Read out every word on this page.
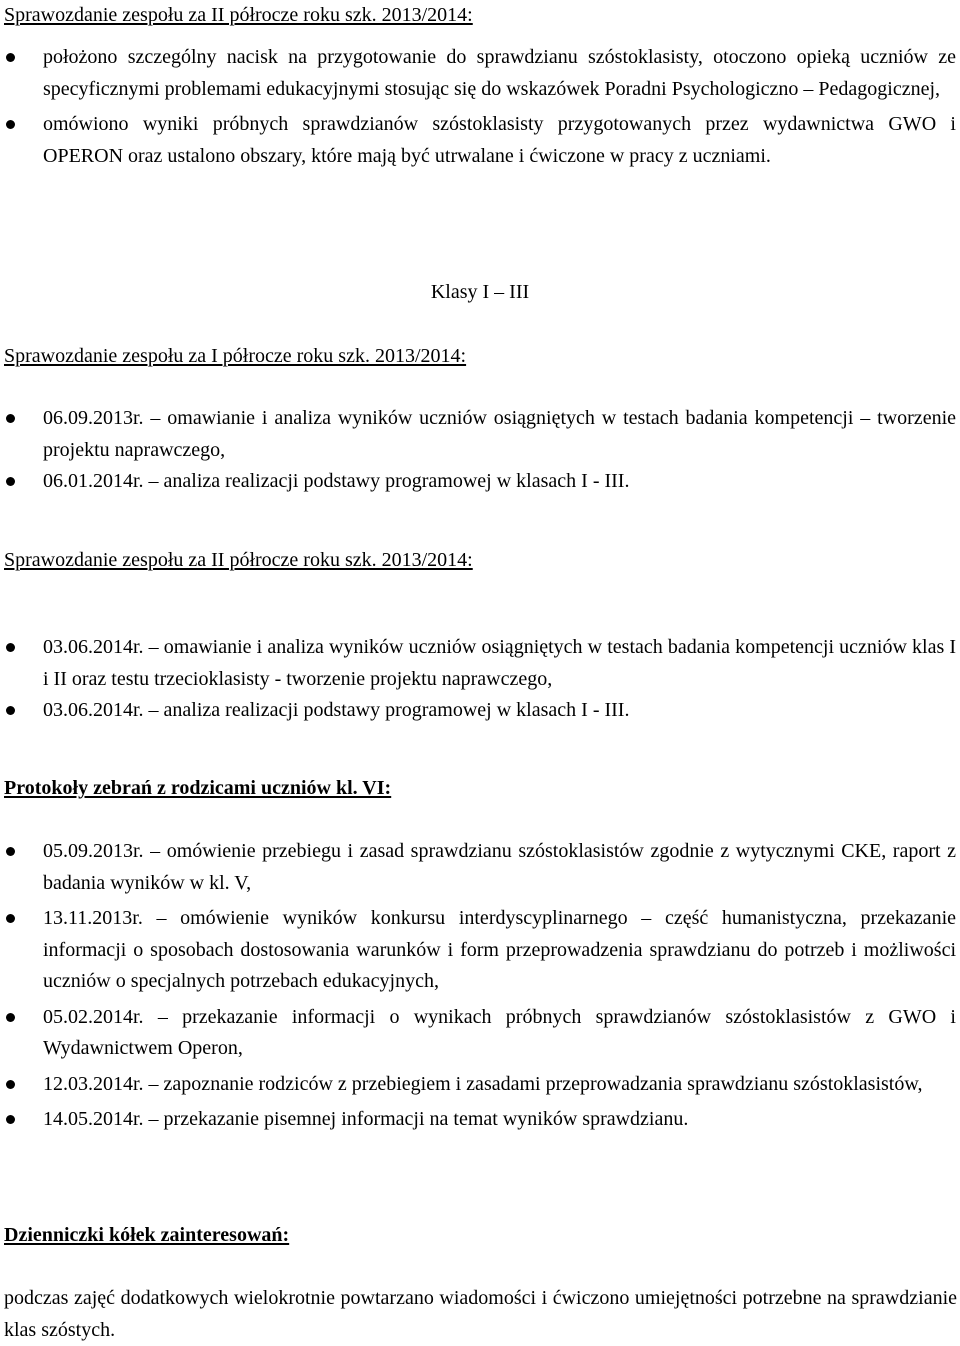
Sprawozdanie zespołu za II półrocze roku szk. 2013/2014:
położono szczególny nacisk na przygotowanie do sprawdzianu szóstoklasisty, otoczono opieką uczniów ze specyficznymi problemami edukacyjnymi stosując się do wskazówek Poradni Psychologiczno – Pedagogicznej,
omówiono wyniki próbnych sprawdzianów szóstoklasisty przygotowanych przez wydawnictwa GWO i OPERON oraz ustalono obszary, które mają być utrwalane i ćwiczone w pracy z uczniami.

Klasy I – III

Sprawozdanie zespołu za I półrocze roku szk. 2013/2014:
06.09.2013r. – omawianie i analiza wyników uczniów osiągniętych w testach badania kompetencji – tworzenie projektu naprawczego,
06.01.2014r. – analiza realizacji podstawy programowej w klasach I - III.
Sprawozdanie zespołu za II półrocze roku szk. 2013/2014:
03.06.2014r. – omawianie i analiza wyników uczniów osiągniętych w testach badania kompetencji uczniów klas I i II oraz testu trzecioklasisty - tworzenie projektu naprawczego,
03.06.2014r. – analiza realizacji podstawy programowej w klasach I - III.
Protokoły zebrań z rodzicami uczniów kl. VI:
05.09.2013r. – omówienie przebiegu i zasad sprawdzianu szóstoklasistów zgodnie z wytycznymi CKE, raport z badania wyników w kl. V,
13.11.2013r. – omówienie wyników konkursu interdyscyplinarnego – część humanistyczna, przekazanie informacji o sposobach dostosowania warunków i form przeprowadzenia sprawdzianu do potrzeb i możliwości uczniów o specjalnych potrzebach edukacyjnych,
05.02.2014r. – przekazanie informacji o wynikach próbnych sprawdzianów szóstoklasistów z GWO i Wydawnictwem Operon,
12.03.2014r. – zapoznanie rodziców z przebiegiem i zasadami przeprowadzania sprawdzianu szóstoklasistów,
14.05.2014r. – przekazanie pisemnej informacji na temat wyników sprawdzianu.
Dzienniczki kółek zainteresowań:

podczas zajęć dodatkowych wielokrotnie powtarzano wiadomości i ćwiczono umiejętności potrzebne na sprawdzianie klas szóstych.
